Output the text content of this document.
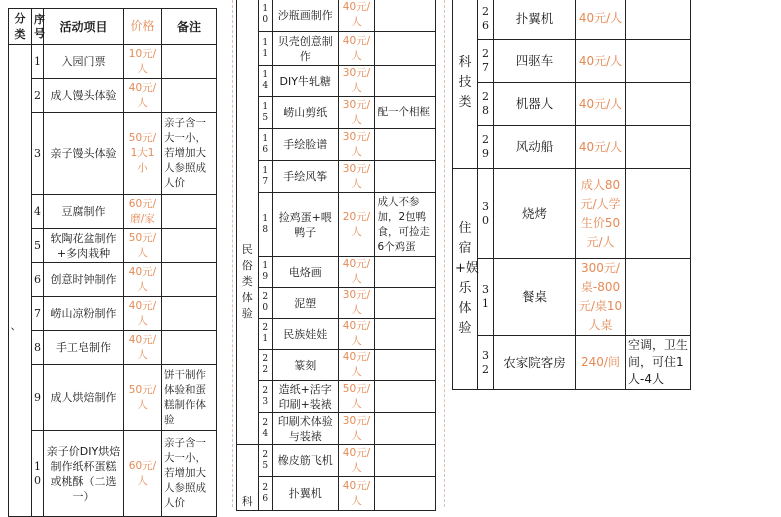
分类	序号	活动项目	价格	备注
、	1	入园门票	10元/人	
	2	成人馒头体验	40元/人	
	3	亲子馒头体验	50元/1大1小	亲子含一大一小，若增加大人参照成人价
	4	豆腐制作	60元/磨/家	
	5	软陶花盆制作+多肉栽种	50元/人	
	6	创意时钟制作	40元/人	
	7	崂山凉粉制作	40元/人	
	8	手工皂制作	40元/人	
	9	成人烘焙制作	50元/人	饼干制作体验和蛋糕制作体验
	10	亲子价DIY烘焙制作纸杯蛋糕或桃酥（二选一）	60元/人	亲子含一大一小，若增加大人参照成人价
民俗类体验	10	沙瓶画制作	40元/人	
	11	贝壳创意制作	40元/人	
	14	DIY牛轧糖	30元/人	
	15	崂山剪纸	30元/人	配一个相框
	16	手绘脸谱	30元/人	
	17	手绘风筝	30元/人	
	18	捡鸡蛋+喂鸭子	20元/人	成人不参加，2包鸭食，可捡走6个鸡蛋
	19	电烙画	40元/人	
	20	泥塑	30元/人	
	21	民族娃娃	40元/人	
	22	篆刻	40元/人	
	23	造纸+活字印刷+装裱	50元/人	
	24	印刷术体验与装裱	30元/人	
科	25	橡皮筋飞机	40元/人	
	26	扑翼机	40元/人	
科技类	26	扑翼机	40元/人	
	27	四驱车	40元/人	
	28	机器人	40元/人	
	29	风动船	40元/人	
住宿+娱乐体验	30	烧烤	成人80元/人学生价50元/人	
	31	餐桌	300元/桌-800元/桌10人桌	
	32	农家院客房	240/间	空调，卫生间，可住1人-4人
